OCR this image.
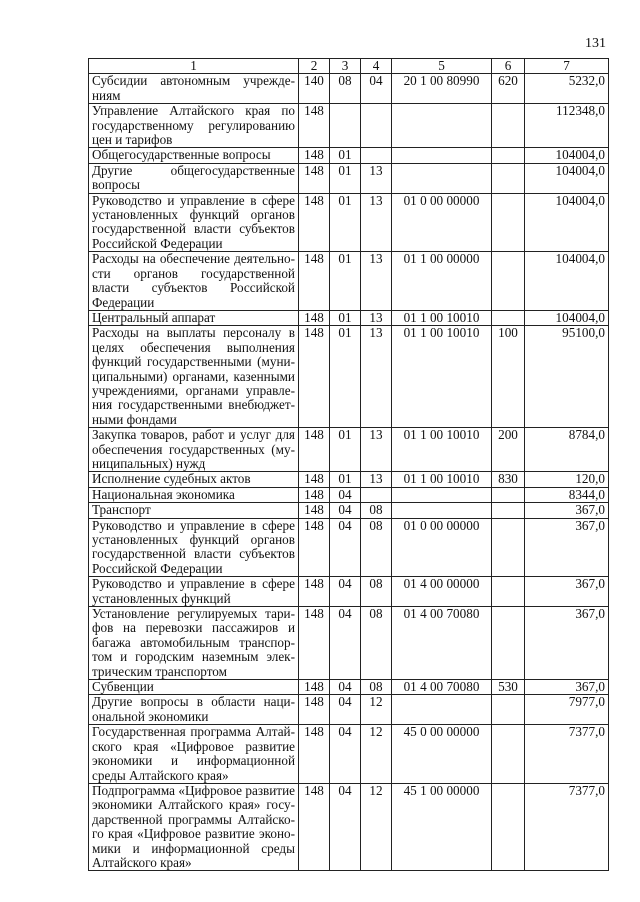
131
1	2	3	4	5	6	7
Субсидии автономным учрежде-ниям	140	08	04	20 1 00 80990	620	5232,0
Управление Алтайского края по государственному регулированию цен и тарифов	148					112348,0
Общегосударственные вопросы	148	01				104004,0
Другие общегосударственные вопросы	148	01	13			104004,0
Руководство и управление в сфере установленных функций органов государственной власти субъектов Российской Федерации	148	01	13	01 0 00 00000		104004,0
Расходы на обеспечение деятельно-сти органов государственной власти субъектов Российской Федерации	148	01	13	01 1 00 00000		104004,0
Центральный аппарат	148	01	13	01 1 00 10010		104004,0
Расходы на выплаты персоналу в целях обеспечения выполнения функций государственными (муни-ципальными) органами, казенными учреждениями, органами управле-ния государственными внебюджет-ными фондами	148	01	13	01 1 00 10010	100	95100,0
Закупка товаров, работ и услуг для обеспечения государственных (му-ниципальных) нужд	148	01	13	01 1 00 10010	200	8784,0
Исполнение судебных актов	148	01	13	01 1 00 10010	830	120,0
Национальная экономика	148	04				8344,0
Транспорт	148	04	08			367,0
Руководство и управление в сфере установленных функций органов государственной власти субъектов Российской Федерации	148	04	08	01 0 00 00000		367,0
Руководство и управление в сфере установленных функций	148	04	08	01 4 00 00000		367,0
Установление регулируемых тари-фов на перевозки пассажиров и багажа автомобильным транспор-том и городским наземным элек-трическим транспортом	148	04	08	01 4 00 70080		367,0
Субвенции	148	04	08	01 4 00 70080	530	367,0
Другие вопросы в области наци-ональной экономики	148	04	12			7977,0
Государственная программа Алтай-ского края «Цифровое развитие экономики и информационной среды Алтайского края»	148	04	12	45 0 00 00000		7377,0
Подпрограмма «Цифровое развитие экономики Алтайского края» госу-дарственной программы Алтайско-го края «Цифровое развитие эконо-мики и информационной среды Алтайского края»	148	04	12	45 1 00 00000		7377,0
